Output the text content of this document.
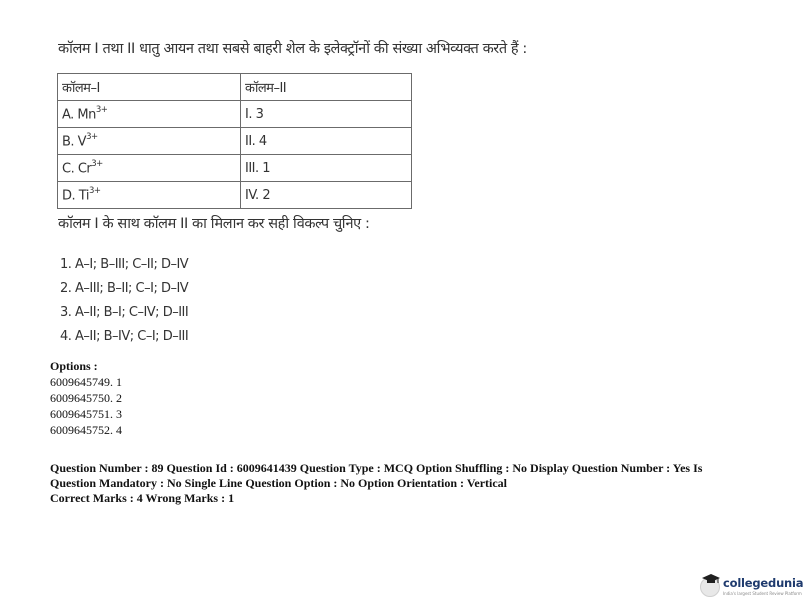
कॉलम I तथा II धातु आयन तथा सबसे बाहरी शेल के इलेक्ट्रॉनों की संख्या अभिव्यक्त करते हैं :
कॉलम–I	कॉलम–II
A. $Mn^{3+}$	I. 3
B. $V^{3+}$	II. 4
C. $Cr^{3+}$	III. 1
D. $Ti^{3+}$	IV. 2
कॉलम I के साथ कॉलम II का मिलान कर सही विकल्प चुनिए :
1. A–I; B–III; C–II; D–IV
2. A–III; B–II; C–I; D–IV
3. A–II; B–I; C–IV; D–III
4. A–II; B–IV; C–I; D–III
Options :
6009645749. 1
6009645750. 2
6009645751. 3
6009645752. 4
Question Number : 89 Question Id : 6009641439 Question Type : MCQ Option Shuffling : No Display Question Number : Yes Is
Question Mandatory : No Single Line Question Option : No Option Orientation : Vertical
Correct Marks : 4 Wrong Marks : 1
collegedunia
India's largest Student Review Platform
